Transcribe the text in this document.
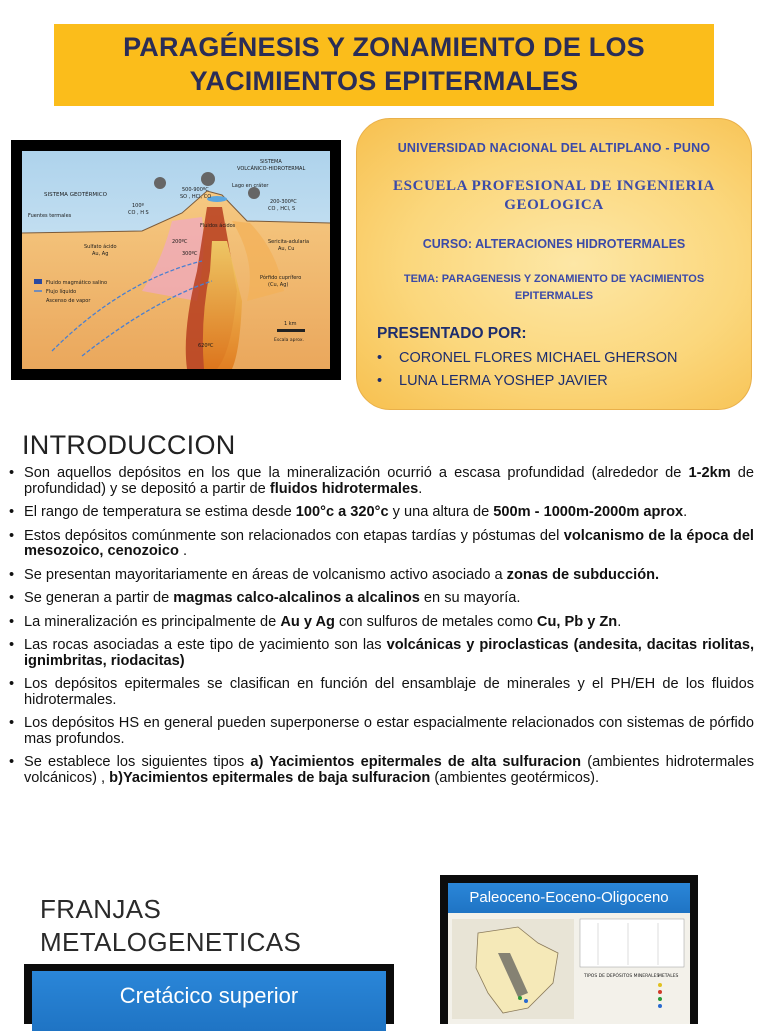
PARAGÉNESIS Y ZONAMIENTO DE LOS
YACIMIENTOS EPITERMALES
SISTEMA GEOTÉRMICO
SISTEMA
VOLCÁNICO-HIDROTERMAL
500-900ºC
SO , HCl, CO
Lago en cráter
100º
CO , H S
200-300ºC
CO , HCl, S
Fuentes termales
Fluidos ácidos
Sulfato ácido
Au, Ag
Sericita-adularia
Au, Cu
200ºC
300ºC
Pórfido cuprífero
(Cu, Ag)
Fluido magmático salino
Flujo líquido
Ascenso de vapor
620ºC
1 km
Escala aprox.
UNIVERSIDAD NACIONAL DEL ALTIPLANO - PUNO
ESCUELA PROFESIONAL DE INGENIERIA GEOLOGICA
CURSO: ALTERACIONES HIDROTERMALES
TEMA: PARAGENESIS Y ZONAMIENTO DE YACIMIENTOS EPITERMALES
PRESENTADO POR:
• CORONEL FLORES MICHAEL GHERSON
• LUNA LERMA YOSHEP JAVIER
INTRODUCCION
• Son aquellos depósitos en los que la mineralización ocurrió a escasa profundidad (alrededor de 1-2km de profundidad) y se depositó a partir de fluidos hidrotermales.
• El rango de temperatura se estima desde 100°c a 320°c y una altura de 500m - 1000m-2000m aprox.
• Estos depósitos comúnmente son relacionados con etapas tardías y póstumas del volcanismo de la época del mesozoico, cenozoico .
• Se presentan mayoritariamente en áreas de volcanismo activo asociado a zonas de subducción.
• Se generan a partir de magmas calco-alcalinos a alcalinos en su mayoría.
• La mineralización es principalmente de Au y Ag con sulfuros de metales como Cu, Pb y Zn.
• Las rocas asociadas a este tipo de yacimiento son las volcánicas y piroclasticas (andesita, dacitas riolitas, ignimbritas, riodacitas)
• Los depósitos epitermales se clasifican en función del ensamblaje de minerales y el PH/EH de los fluidos hidrotermales.
• Los depósitos HS en general pueden superponerse o estar espacialmente relacionados con sistemas de pórfido mas profundos.
• Se establece los siguientes tipos a) Yacimientos epitermales de alta sulfuracion (ambientes hidrotermales volcánicos) , b)Yacimientos epitermales de baja sulfuracion (ambientes geotérmicos).
FRANJAS METALOGENETICAS
Cretácico superior
Paleoceno-Eoceno-Oligoceno
TIPOS DE DEPÓSITOS MINERALES
METALES
